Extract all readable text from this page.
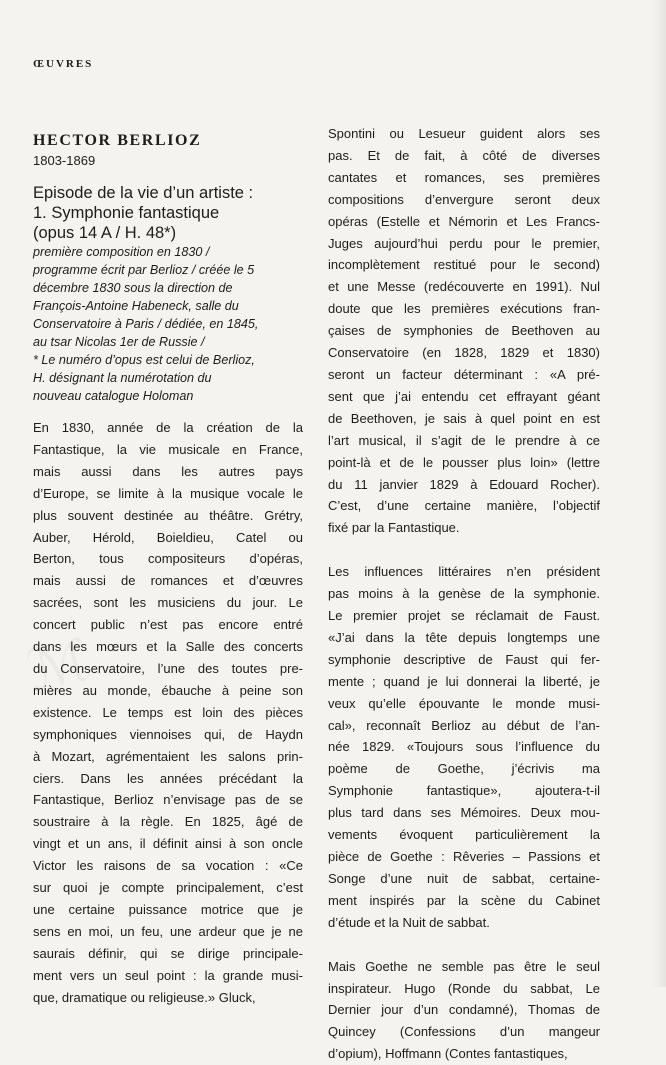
ŒUVRES
HECTOR BERLIOZ

1803-1869

Episode de la vie d’un artiste :
1. Symphonie fantastique
(opus 14 A / H. 48*)
première composition en 1830 /
programme écrit par Berlioz / créée le 5
décembre 1830 sous la direction de
François-Antoine Habeneck, salle du
Conservatoire à Paris / dédiée, en 1845,
au tsar Nicolas 1er de Russie /
* Le numéro d’opus est celui de Berlioz,
H. désignant la numérotation du
nouveau catalogue Holoman
En 1830, année de la création de la
Fantastique, la vie musicale en France,
mais aussi dans les autres pays
d’Europe, se limite à la musique vocale le
plus souvent destinée au théâtre. Grétry,
Auber, Hérold, Boieldieu, Catel ou
Berton, tous compositeurs d’opéras,
mais aussi de romances et d’œuvres
sacrées, sont les musiciens du jour. Le
concert public n’est pas encore entré
dans les mœurs et la Salle des concerts
du Conservatoire, l’une des toutes pre-
mières au monde, ébauche à peine son
existence. Le temps est loin des pièces
symphoniques viennoises qui, de Haydn
à Mozart, agrémentaient les salons prin-
ciers. Dans les années précédant la
Fantastique, Berlioz n’envisage pas de se
soustraire à la règle. En 1825, âgé de
vingt et un ans, il définit ainsi à son oncle
Victor les raisons de sa vocation : «Ce
sur quoi je compte principalement, c’est
une certaine puissance motrice que je
sens en moi, un feu, une ardeur que je ne
saurais définir, qui se dirige principale-
ment vers un seul point : la grande musi-
que, dramatique ou religieuse.» Gluck,
Spontini ou Lesueur guident alors ses
pas. Et de fait, à côté de diverses
cantates et romances, ses premières
compositions d’envergure seront deux
opéras (Estelle et Némorin et Les Francs-
Juges aujourd’hui perdu pour le premier,
incomplètement restitué pour le second)
et une Messe (redécouverte en 1991). Nul
doute que les premières exécutions fran-
çaises de symphonies de Beethoven au
Conservatoire (en 1828, 1829 et 1830)
seront un facteur déterminant : «A pré-
sent que j’ai entendu cet effrayant géant
de Beethoven, je sais à quel point en est
l’art musical, il s’agit de le prendre à ce
point-là et de le pousser plus loin» (lettre
du 11 janvier 1829 à Edouard Rocher).
C’est, d’une certaine manière, l’objectif
fixé par la Fantastique.
Les influences littéraires n’en président
pas moins à la genèse de la symphonie.
Le premier projet se réclamait de Faust.
«J’ai dans la tête depuis longtemps une
symphonie descriptive de Faust qui fer-
mente ; quand je lui donnerai la liberté, je
veux qu’elle épouvante le monde musi-
cal», reconnaît Berlioz au début de l’an-
née 1829. «Toujours sous l’influence du
poème de Goethe, j’écrivis ma
Symphonie fantastique», ajoutera-t-il
plus tard dans ses Mémoires. Deux mou-
vements évoquent particulièrement la
pièce de Goethe : Rêveries – Passions et
Songe d’une nuit de sabbat, certaine-
ment inspirés par la scène du Cabinet
d’étude et la Nuit de sabbat.
Mais Goethe ne semble pas être le seul
inspirateur. Hugo (Ronde du sabbat, Le
Dernier jour d’un condamné), Thomas de
Quincey (Confessions d’un mangeur
d’opium), Hoffmann (Contes fantastiques,
